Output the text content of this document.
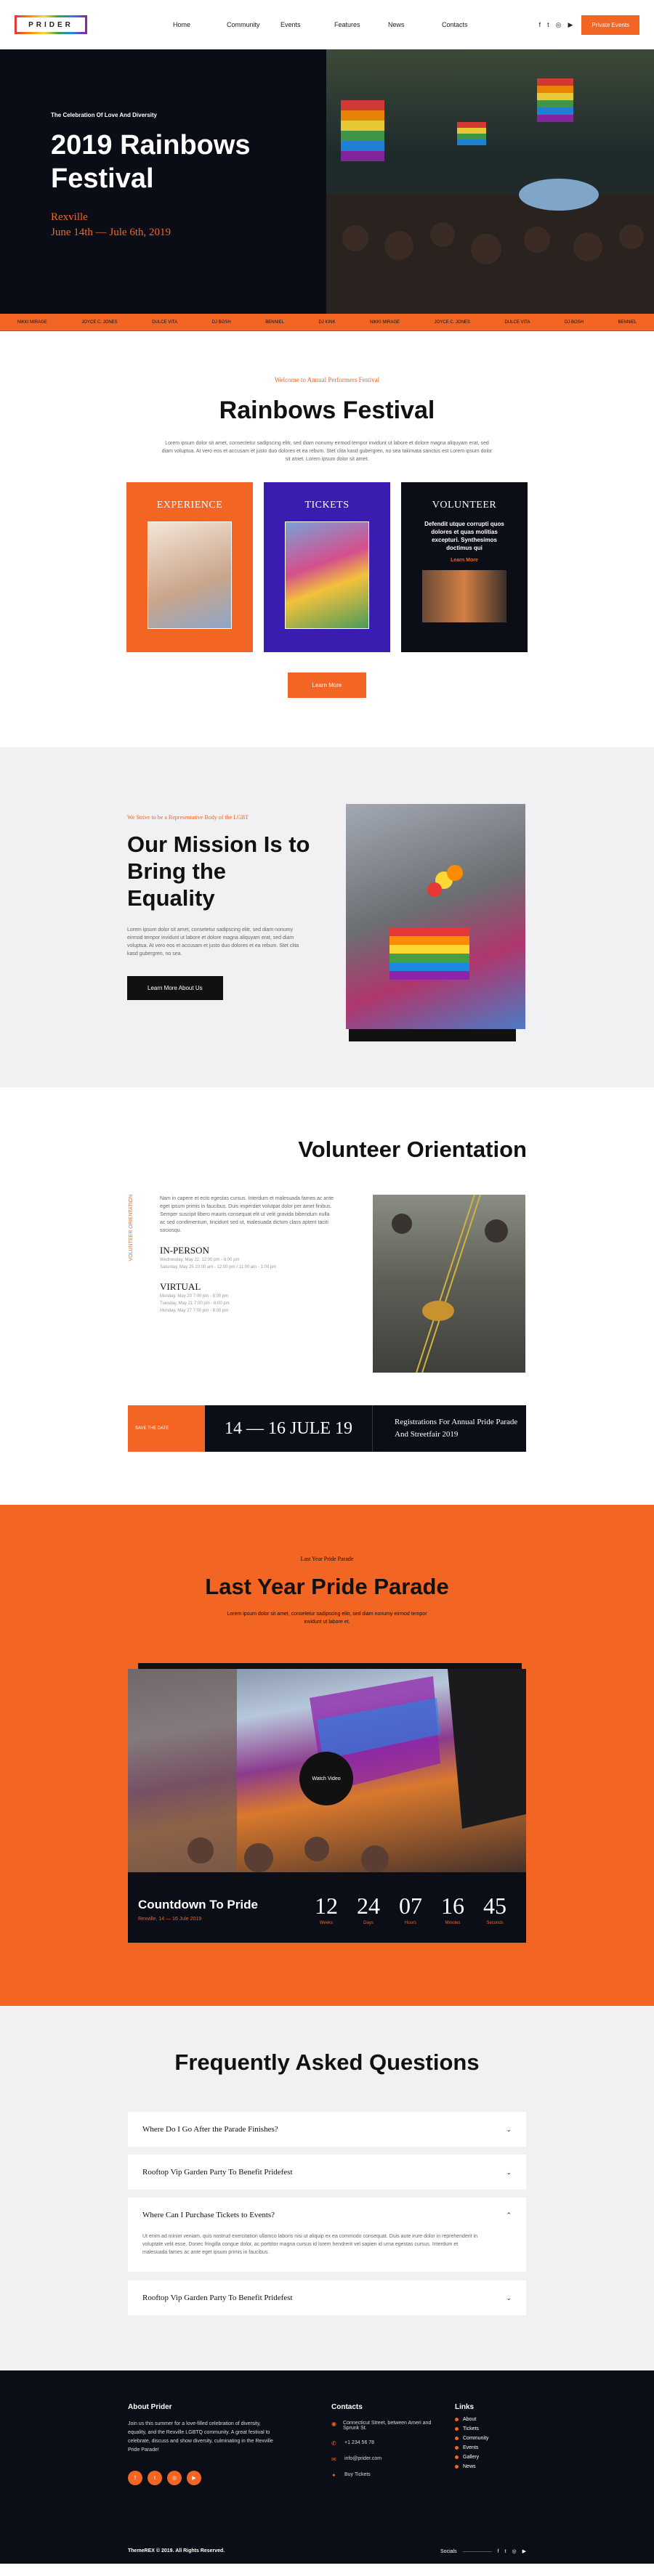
PRIDER	Home	Community	Events	Features	News	Contacts	f t ◎ ▶	Private Events
The Celebration Of Love And Diversity
2019 Rainbows Festival
Rexville
June 14th — Jule 6th, 2019
NIKKI MIRAGE	JOYCE C. JONES	DULCE VITA	DJ BOSH	BENNIEL	DJ KINK	NIKKI MIRAGE	JOYCE C. JONES	DULCE VITA	DJ BOSH	BENNIEL
Welcome to Annual Performers Festival
Rainbows Festival

Lorem ipsum dolor sit amet, consectetur sadipscing elitr, sed diam nonumy eirmod tempor invidunt ut labore et dolore magna aliquyam erat, sed diam voluptua. At vero eos et accusam et justo duo dolores et ea rebum. Stet clita kasd gubergren, no sea takimata sanctus est Lorem ipsum dolor sit amet. Lorem ipsum dolor sit amet.

EXPERIENCE	TICKETS	VOLUNTEER
Defendit utque corrupti quos dolores et quas molitias excepturi. Synthesimos doctimus qui
Learn More
Learn More
We Strive to be a Representative Body of the LGBT
Our Mission Is to Bring the Equality

Lorem ipsum dolor sit amet, consetetur sadipscing elitr, sed diam nonumy eirmod tempor invidunt ut labore et dolore magna aliquyam erat, sed diam voluptua. At vero eos et accusam et justo duo dolores et ea rebum. Stet clita kasd gubergren, no sea.

Learn More About Us
Volunteer Orientation
VOLUNTEER ORIENTATION	Nam in capere et ecto egestas cursus. Interdum et malesuada fames ac ante eget ipsum primis in faucibus. Duis imperdiet volutpat dolor per amet finibus. Semper suscipit libero mauris consequat elit ut velit gravida bibendum nulla ac sed condimentum, tincidunt sed ut, malesuada dictum class aptent taciti sociosqu.

IN-PERSON
Wednesday, May 22, 12:00 pm - 6:00 pm
Saturday, May 25 10:00 am - 12:00 pm / 11:00 am - 1:00 pm
VIRTUAL
Monday, May 20 7:00 pm - 8:00 pm
Tuesday, May 21 7:00 pm - 8:00 pm
Monday, May 27 7:00 pm - 8:00 pm
SAVE THE DATE	14 — 16 JULE 19	Registrations For Annual Pride Parade And Streetfair 2019
Last Year Pride Parade
Last Year Pride Parade

Lorem ipsum dolor sit amet, consetetur sadipscing elitr, sed diam nonumy eirmod tempor invidunt ut labore et.

Watch Video
Countdown To Pride
Rexville, 14 — 16 Jule 2019
12
Weeks
24
Days
07
Hours
16
Minutes
45
Seconds
Frequently Asked Questions
Where Do I Go After the Parade Finishes?	⌄
Rooftop Vip Garden Party To Benefit Pridefest	⌄
Where Can I Purchase Tickets to Events?	⌃
Ut enim ad minim veniam, quis nostrud exercitation ullamco laboris nisi ut aliquip ex ea commodo consequat. Duis aute irure dolor in reprehenderit in voluptate velit esse. Donec fringilla congue dolor, ac porttitor magna cursus id lorem hendrerit vel sapien id urna egestas cursus. Interdum et malesuada fames ac ante eget ipsum primis in faucibus.
Rooftop Vip Garden Party To Benefit Pridefest	⌄
About Prider

Join us this summer for a love-filled celebration of diversity, equality, and the Rexville LGBTQ community. A great festival to celebrate, discuss and show diversity, culminating in the Rexville Pride Parade!

f	t	◎	▶
Contacts
◉ Connecticut Street, between Ameri and Sprunk St.
✆	+1 234 56 78
✉	info@prider.com
✦	Buy Tickets
Links
About
Tickets
Community
Events
Gallery
News
ThemeREX © 2019. All Rights Reserved.	Socials	f t ◎ ▶
